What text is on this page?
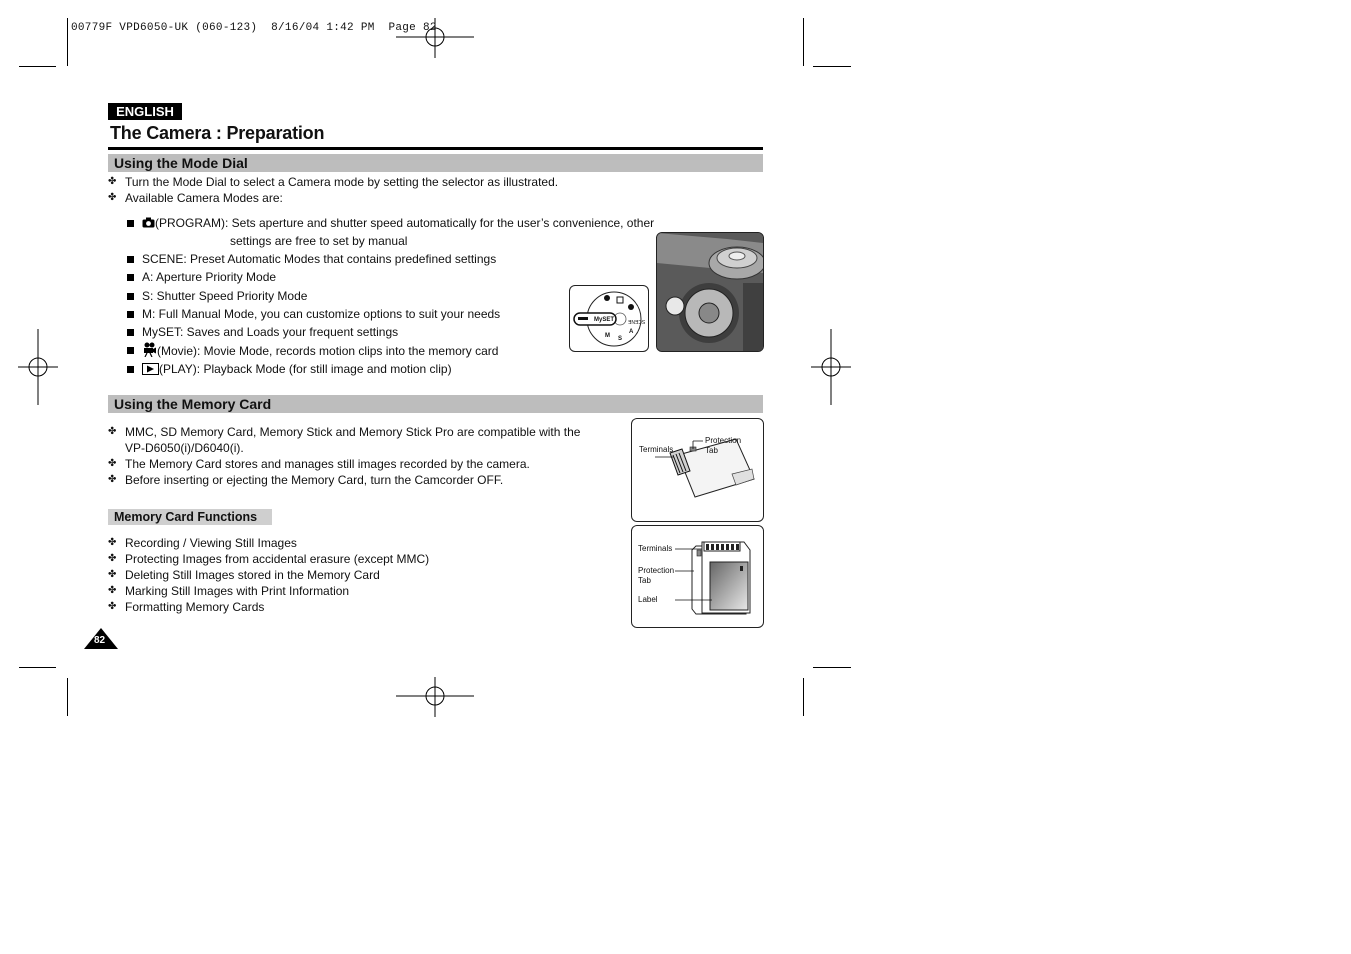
00779F VPD6050-UK (060-123)  8/16/04 1:42 PM  Page 82
ENGLISH
The Camera : Preparation
Using the Mode Dial
✤ Turn the Mode Dial to select a Camera mode by setting the selector as illustrated.
✤ Available Camera Modes are:
(PROGRAM): Sets aperture and shutter speed automatically for the user’s convenience, other
settings are free to set by manual
SCENE: Preset Automatic Modes that contains predefined settings
A: Aperture Priority Mode
S: Shutter Speed Priority Mode
M: Full Manual Mode, you can customize options to suit your needs
MySET: Saves and Loads your frequent settings
(Movie): Movie Mode, records motion clips into the memory card
(PLAY): Playback Mode (for still image and motion clip)
MySET	SCENE
A
S
M
Using the Memory Card
✤ MMC, SD Memory Card, Memory Stick and Memory Stick Pro are compatible with the
VP-D6050(i)/D6040(i).
✤ The Memory Card stores and manages still images recorded by the camera.
✤ Before inserting or ejecting the Memory Card, turn the Camcorder OFF.
Memory Card Functions
✤ Recording / Viewing Still Images
✤ Protecting Images from accidental erasure (except MMC)
✤ Deleting Still Images stored in the Memory Card
✤ Marking Still Images with Print Information
✤ Formatting Memory Cards
Terminals
Protection
Tab
Terminals
Protection
Tab
Label
82
